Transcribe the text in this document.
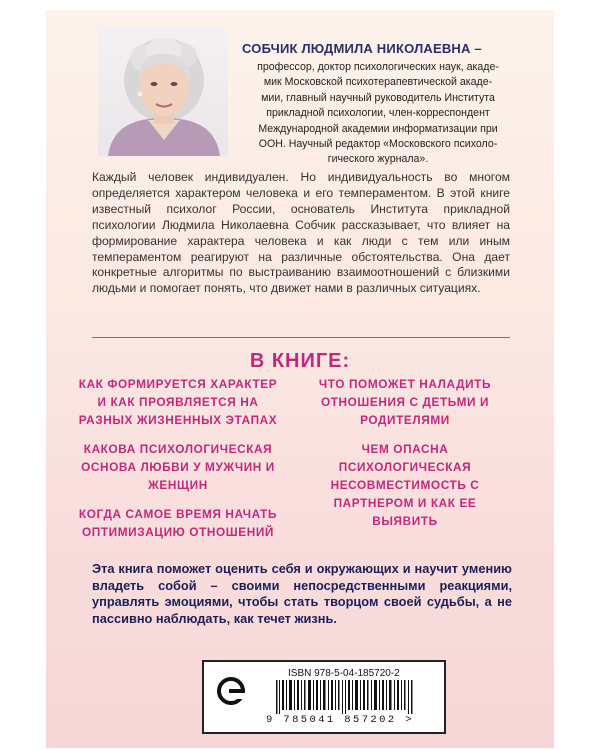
СОБЧИК ЛЮДМИЛА НИКОЛАЕВНА –
профессор, доктор психологических наук, акаде-
мик Московской психотерапевтической акаде-
мии, главный научный руководитель Института
прикладной психологии, член-корреспондент
Международной академии информатизации при
ООН. Научный редактор «Московского психоло-
гического журнала».
Каждый человек индивидуален. Но индивидуальность во многом определяется характером человека и его темпераментом. В этой книге известный психолог России, основатель Института прикладной психологии Людмила Николаевна Собчик рассказывает, что влияет на формирование характера человека и как люди с тем или иным темпераментом реагируют на различные обстоятельства. Она дает конкретные алгоритмы по выстраиванию взаимоотношений с близкими людьми и помогает понять, что движет нами в различных ситуациях.
В КНИГЕ:
КАК ФОРМИРУЕТСЯ ХАРАКТЕР И КАК ПРОЯВЛЯЕТСЯ НА РАЗНЫХ ЖИЗНЕННЫХ ЭТАПАХ
КАКОВА ПСИХОЛОГИЧЕСКАЯ ОСНОВА ЛЮБВИ У МУЖЧИН И ЖЕНЩИН
КОГДА САМОЕ ВРЕМЯ НАЧАТЬ ОПТИМИЗАЦИЮ ОТНОШЕНИЙ
ЧТО ПОМОЖЕТ НАЛАДИТЬ ОТНОШЕНИЯ С ДЕТЬМИ И РОДИТЕЛЯМИ
ЧЕМ ОПАСНА ПСИХОЛОГИЧЕСКАЯ НЕСОВМЕСТИМОСТЬ С ПАРТНЕРОМ И КАК ЕЕ ВЫЯВИТЬ
Эта книга поможет оценить себя и окружающих и научит умению владеть собой – своими непосредственными реакциями, управлять эмоциями, чтобы стать творцом своей судьбы, а не пассивно наблюдать, как течет жизнь.
ISBN 978-5-04-185720-2
9 785041 857202 >
